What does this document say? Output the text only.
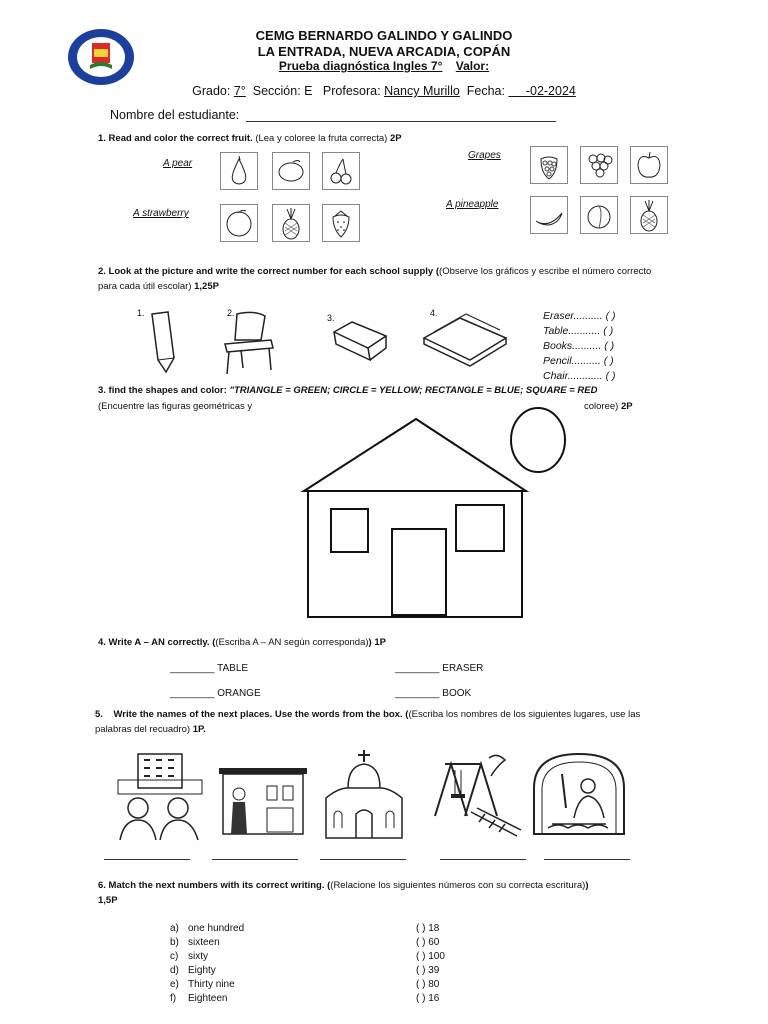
CEMG BERNARDO GALINDO Y GALINDO
LA ENTRADA, NUEVA ARCADIA, COPÁN
Prueba diagnóstica Ingles 7° Valor:
Grado: 7° Sección: E Profesora: Nancy Murillo Fecha: -02-2024
Nombre del estudiante:
1. Read and color the correct fruit. (Lea y coloree la fruta correcta) 2P
A pear
A strawberry
Grapes
A pineapple
2. Look at the picture and write the correct number for each school supply ((Observe los gráficos y escribe el número correcto para cada útil escolar) 1,25P
1.	2.	3.	4.	Eraser.......... ( )
Table........... ( )
Books.......... ( )
Pencil.......... ( )
Chair............ ( )
3. find the shapes and color: "TRIANGLE = GREEN; CIRCLE = YELLOW; RECTANGLE = BLUE; SQUARE = RED
(Encuentre las figuras geométricas y	coloree) 2P
4. Write A – AN correctly. ((Escriba A – AN según corresponda)) 1P
________ TABLE	________ ERASER
________ ORANGE	________ BOOK
5. Write the names of the next places. Use the words from the box. ((Escriba los nombres de los siguientes lugares, use las palabras del recuadro) 1P.
6. Match the next numbers with its correct writing. ((Relacione los siguientes números con su correcta escritura))
1,5P
a) one hundred
b) sixteen
c) sixty
d) Eighty
e) Thirty nine
f) Eighteen
( ) 18
( ) 60
( ) 100
( ) 39
( ) 80
( ) 16
